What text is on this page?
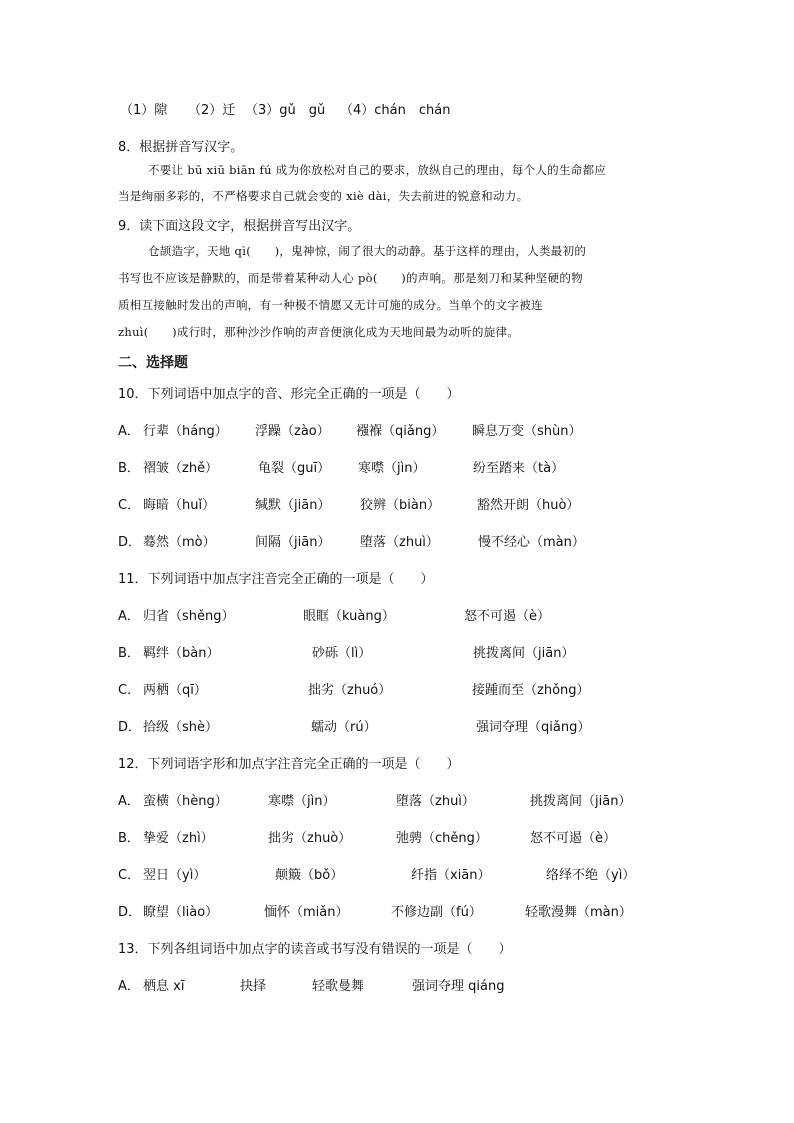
（1）隙 （2）迁 （3）gǔ　gǔ （4）chán　chán
8．根据拼音写汉字。
不要让 bū xiū biān fú 成为你放松对自己的要求，放纵自己的理由，每个人的生命都应
当是绚丽多彩的，不严格要求自己就会变的 xiè dài，失去前进的锐意和动力。
9．读下面这段文字，根据拼音写出汉字。
仓颉造字，天地 qì(　　)，鬼神惊，闹了很大的动静。基于这样的理由，人类最初的
书写也不应该是静默的，而是带着某种动人心 pò(　　)的声响。那是刻刀和某种坚硬的物
质相互接触时发出的声响，有一种极不情愿又无计可施的成分。当单个的文字被连
zhuì(　　)成行时，那种沙沙作响的声音便演化成为天地间最为动听的旋律。
二、选择题
10．下列词语中加点字的音、形完全正确的一项是（　　）
A． 行辈（háng） 浮躁（zào） 襁褓（qiǎng） 瞬息万变（shùn）
B． 褶皱（zhě）	龟裂（guī） 寒噤（jìn）	纷至踏来（tà）
C． 晦暗（huǐ）	缄默（jiān） 狡辨（biàn）	豁然开朗（huò）
D． 蓦然（mò）	间隔（jiān） 堕落（zhuì）	慢不经心（màn）
11．下列词语中加点字注音完全正确的一项是（　　）
A． 归省（shěng）	眼眶（kuàng）	怒不可遏（è）
B． 羁绊（bàn）	砂砾（lì）	挑拨离间（jiān）
C． 两栖（qī）	拙劣（zhuó）	接踵而至（zhǒng）
D． 拾级（shè）	蠕动（rú）	强词夺理（qiǎng）
12．下列词语字形和加点字注音完全正确的一项是（　　）
A． 蛮横（hèng）	寒噤（jìn）	堕落（zhuì）	挑拨离间（jiān）
B． 挚爱（zhì）	拙劣（zhuò）	弛骋（chěng）	怒不可遏（è）
C． 翌日（yì）	颠簸（bǒ）	纤指（xiān）	络绎不绝（yì）
D． 瞭望（liào）	愐怀（miǎn）	不修边副（fú）	轻歌漫舞（màn）
13．下列各组词语中加点字的读音或书写没有错误的一项是（　　）
A． 栖息 xī	抉择	轻歌曼舞	强词夺理 qiáng
